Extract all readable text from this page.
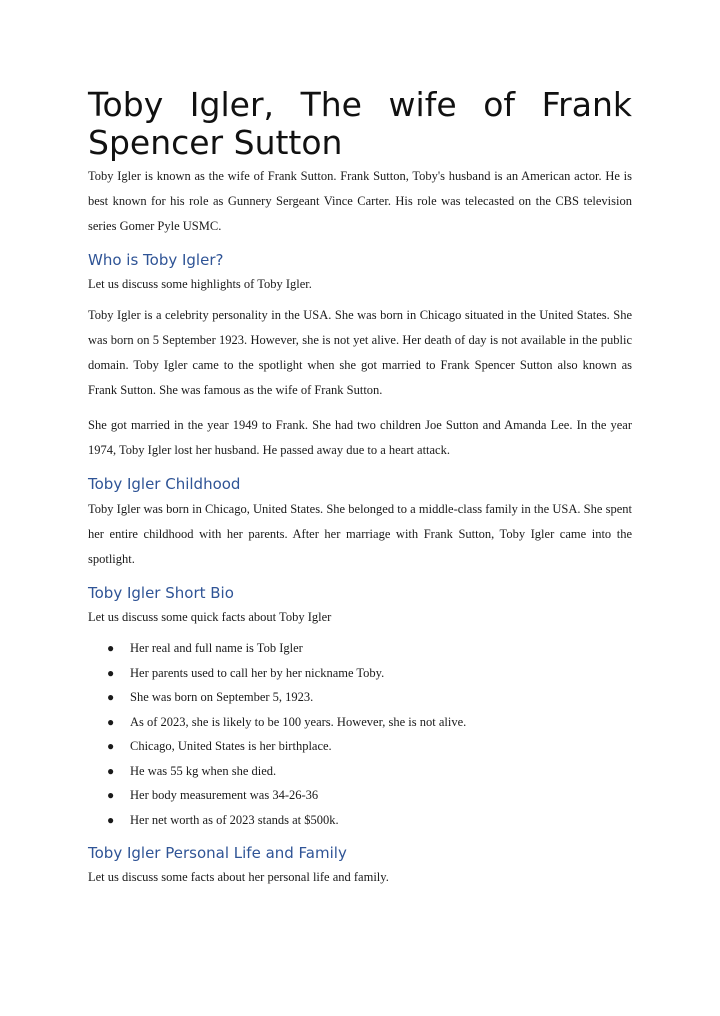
Toby Igler, The wife of Frank Spencer Sutton

Toby Igler is known as the wife of Frank Sutton. Frank Sutton, Toby's husband is an American actor. He is best known for his role as Gunnery Sergeant Vince Carter. His role was telecasted on the CBS television series Gomer Pyle USMC.

Who is Toby Igler?

Let us discuss some highlights of Toby Igler.

Toby Igler is a celebrity personality in the USA. She was born in Chicago situated in the United States. She was born on 5 September 1923. However, she is not yet alive. Her death of day is not available in the public domain. Toby Igler came to the spotlight when she got married to Frank Spencer Sutton also known as Frank Sutton. She was famous as the wife of Frank Sutton.

She got married in the year 1949 to Frank. She had two children Joe Sutton and Amanda Lee. In the year 1974, Toby Igler lost her husband. He passed away due to a heart attack.

Toby Igler Childhood

Toby Igler was born in Chicago, United States. She belonged to a middle-class family in the USA. She spent her entire childhood with her parents. After her marriage with Frank Sutton, Toby Igler came into the spotlight.

Toby Igler Short Bio

Let us discuss some quick facts about Toby Igler

● Her real and full name is Tob Igler
● Her parents used to call her by her nickname Toby.
● She was born on September 5, 1923.
● As of 2023, she is likely to be 100 years. However, she is not alive.
● Chicago, United States is her birthplace.
● He was 55 kg when she died.
● Her body measurement was 34-26-36
● Her net worth as of 2023 stands at $500k.
Toby Igler Personal Life and Family

Let us discuss some facts about her personal life and family.
